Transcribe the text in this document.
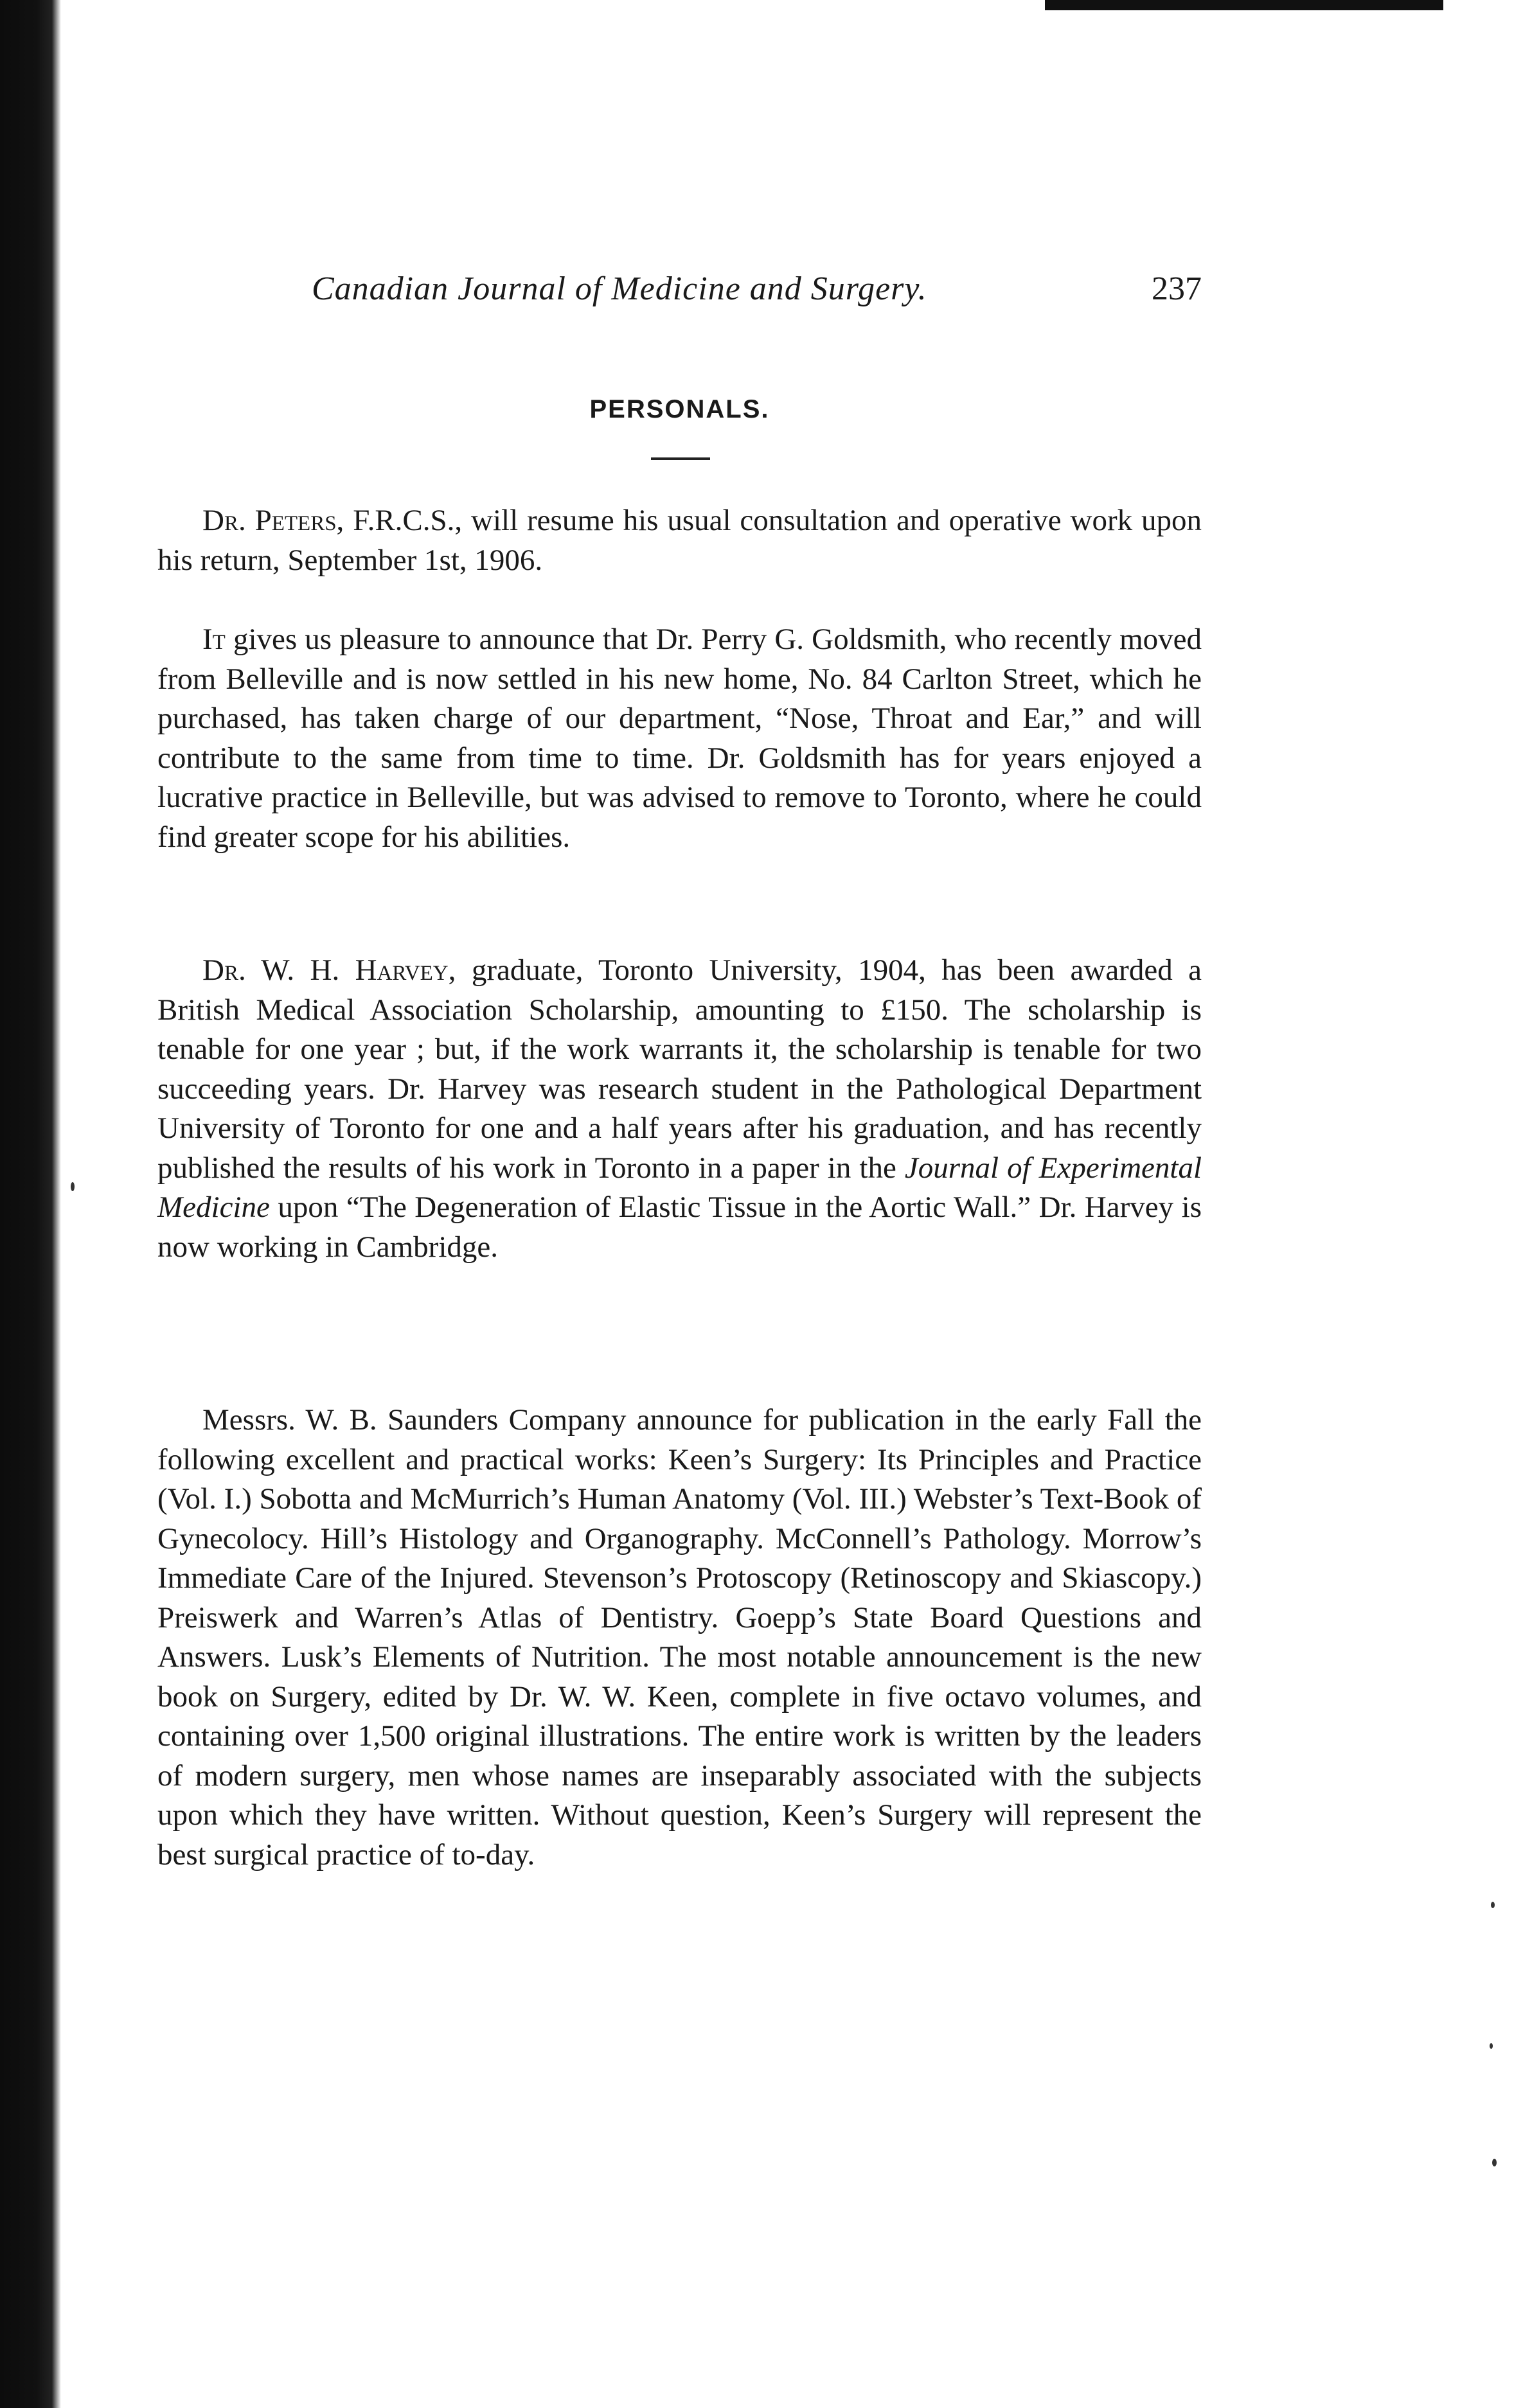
Canadian Journal of Medicine and Surgery.	237
PERSONALS.

Dr. Peters, F.R.C.S., will resume his usual consultation and operative work upon his return, September 1st, 1906.

It gives us pleasure to announce that Dr. Perry G. Goldsmith, who recently moved from Belleville and is now settled in his new home, No. 84 Carlton Street, which he purchased, has taken charge of our department, “Nose, Throat and Ear,” and will contribute to the same from time to time. Dr. Goldsmith has for years enjoyed a lucrative practice in Belleville, but was advised to remove to Toronto, where he could find greater scope for his abilities.

Dr. W. H. Harvey, graduate, Toronto University, 1904, has been awarded a British Medical Association Scholarship, amounting to £150. The scholarship is tenable for one year ; but, if the work warrants it, the scholarship is tenable for two succeeding years. Dr. Harvey was research student in the Pathological Department University of Toronto for one and a half years after his graduation, and has recently published the results of his work in Toronto in a paper in the Journal of Experimental Medicine upon “The Degeneration of Elastic Tissue in the Aortic Wall.” Dr. Harvey is now working in Cambridge.

Messrs. W. B. Saunders Company announce for publication in the early Fall the following excellent and practical works: Keen’s Surgery: Its Principles and Practice (Vol. I.) Sobotta and McMurrich’s Human Anatomy (Vol. III.) Webster’s Text-Book of Gynecolocy. Hill’s Histology and Organography. McConnell’s Pathology. Morrow’s Immediate Care of the Injured. Stevenson’s Protoscopy (Retinoscopy and Skiascopy.) Preiswerk and Warren’s Atlas of Dentistry. Goepp’s State Board Questions and Answers. Lusk’s Elements of Nutrition. The most notable announcement is the new book on Surgery, edited by Dr. W. W. Keen, complete in five octavo volumes, and containing over 1,500 original illustrations. The entire work is written by the leaders of modern surgery, men whose names are inseparably associated with the subjects upon which they have written. Without question, Keen’s Surgery will represent the best surgical practice of to-day.
